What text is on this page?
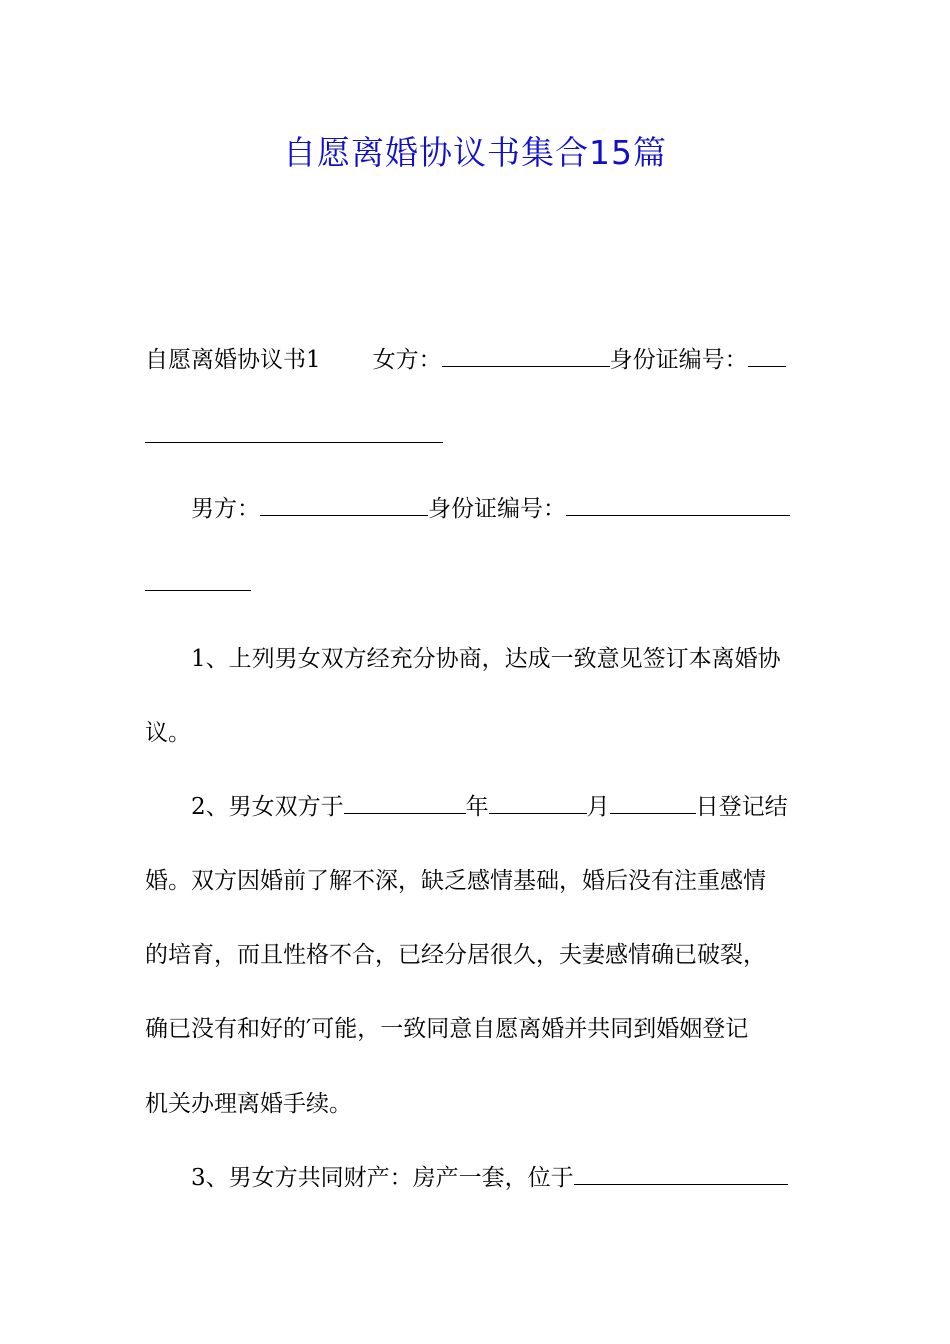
自愿离婚协议书集合15篇
自愿离婚协议书1 女方：	身份证编号：
男方：	身份证编号：
1、上列男女双方经充分协商，达成一致意见签订本离婚协
议。
2、男女双方于	年	月	日登记结
婚。双方因婚前了解不深，缺乏感情基础，婚后没有注重感情
的培育，而且性格不合，已经分居很久，夫妻感情确已破裂，
确已没有和好的′可能，一致同意自愿离婚并共同到婚姻登记
机关办理离婚手续。
3、男女方共同财产：房产一套，位于
